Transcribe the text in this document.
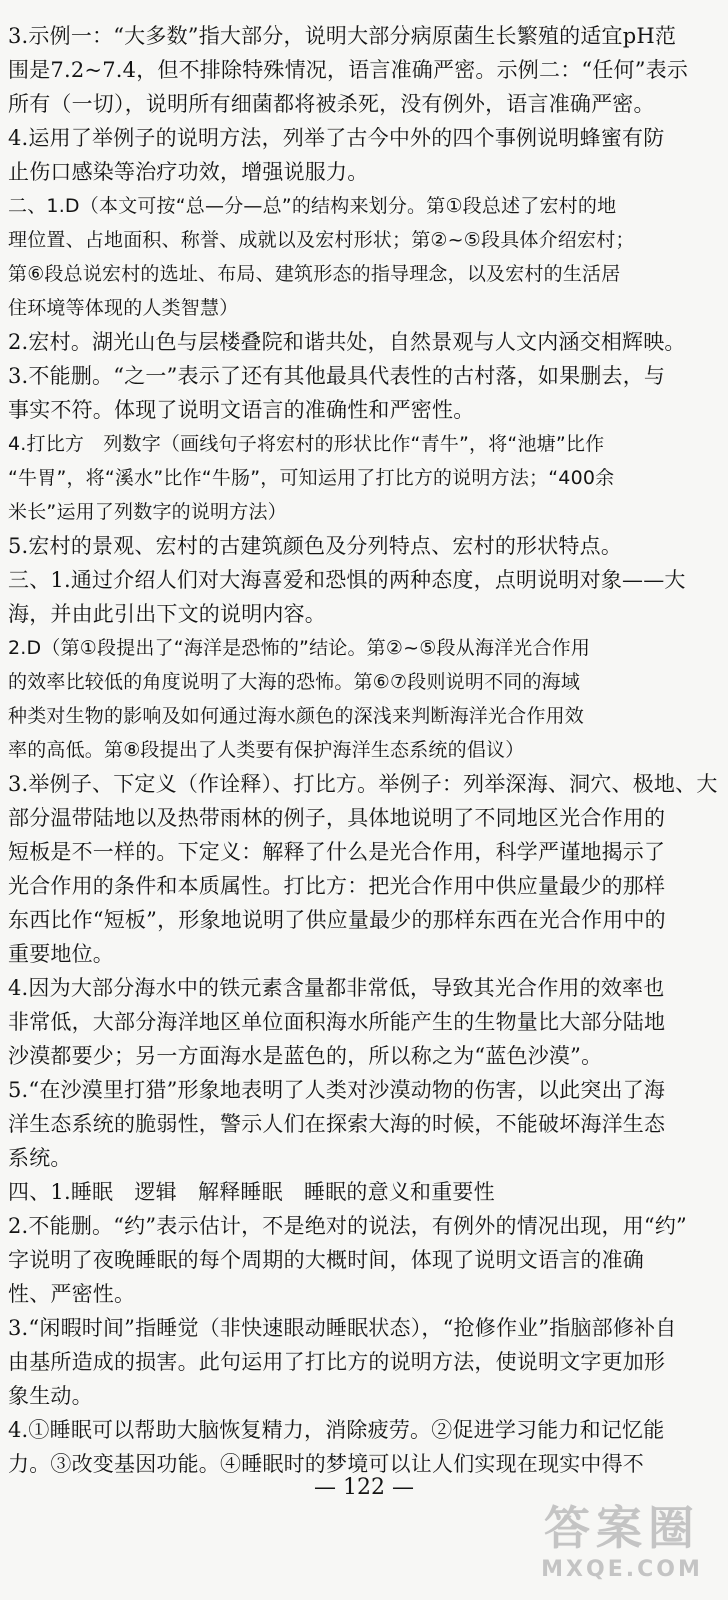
3.示例一：“大多数”指大部分，说明大部分病原菌生长繁殖的适宜pH范
围是7.2~7.4，但不排除特殊情况，语言准确严密。示例二：“任何”表示
所有（一切），说明所有细菌都将被杀死，没有例外，语言准确严密。
4.运用了举例子的说明方法，列举了古今中外的四个事例说明蜂蜜有防
止伤口感染等治疗功效，增强说服力。
二、1.D（本文可按“总—分—总”的结构来划分。第①段总述了宏村的地
理位置、占地面积、称誉、成就以及宏村形状；第②~⑤段具体介绍宏村；
第⑥段总说宏村的选址、布局、建筑形态的指导理念，以及宏村的生活居
住环境等体现的人类智慧）
2.宏村。湖光山色与层楼叠院和谐共处，自然景观与人文内涵交相辉映。
3.不能删。“之一”表示了还有其他最具代表性的古村落，如果删去，与
事实不符。体现了说明文语言的准确性和严密性。
4.打比方　列数字（画线句子将宏村的形状比作“青牛”，将“池塘”比作
“牛胃”，将“溪水”比作“牛肠”，可知运用了打比方的说明方法；“400余
米长”运用了列数字的说明方法）
5.宏村的景观、宏村的古建筑颜色及分列特点、宏村的形状特点。
三、1.通过介绍人们对大海喜爱和恐惧的两种态度，点明说明对象——大
海，并由此引出下文的说明内容。
2.D（第①段提出了“海洋是恐怖的”结论。第②~⑤段从海洋光合作用
的效率比较低的角度说明了大海的恐怖。第⑥⑦段则说明不同的海域
种类对生物的影响及如何通过海水颜色的深浅来判断海洋光合作用效
率的高低。第⑧段提出了人类要有保护海洋生态系统的倡议）
3.举例子、下定义（作诠释）、打比方。举例子：列举深海、洞穴、极地、大
部分温带陆地以及热带雨林的例子，具体地说明了不同地区光合作用的
短板是不一样的。下定义：解释了什么是光合作用，科学严谨地揭示了
光合作用的条件和本质属性。打比方：把光合作用中供应量最少的那样
东西比作“短板”，形象地说明了供应量最少的那样东西在光合作用中的
重要地位。
4.因为大部分海水中的铁元素含量都非常低，导致其光合作用的效率也
非常低，大部分海洋地区单位面积海水所能产生的生物量比大部分陆地
沙漠都要少；另一方面海水是蓝色的，所以称之为“蓝色沙漠”。
5.“在沙漠里打猎”形象地表明了人类对沙漠动物的伤害，以此突出了海
洋生态系统的脆弱性，警示人们在探索大海的时候，不能破坏海洋生态
系统。
四、1.睡眠　逻辑　解释睡眠　睡眠的意义和重要性
2.不能删。“约”表示估计，不是绝对的说法，有例外的情况出现，用“约”
字说明了夜晚睡眠的每个周期的大概时间，体现了说明文语言的准确
性、严密性。
3.“闲暇时间”指睡觉（非快速眼动睡眠状态），“抢修作业”指脑部修补自
由基所造成的损害。此句运用了打比方的说明方法，使说明文字更加形
象生动。
4.①睡眠可以帮助大脑恢复精力，消除疲劳。②促进学习能力和记忆能
力。③改变基因功能。④睡眠时的梦境可以让人们实现在现实中得不
— 122 —
答案圈
MXQE.COM
